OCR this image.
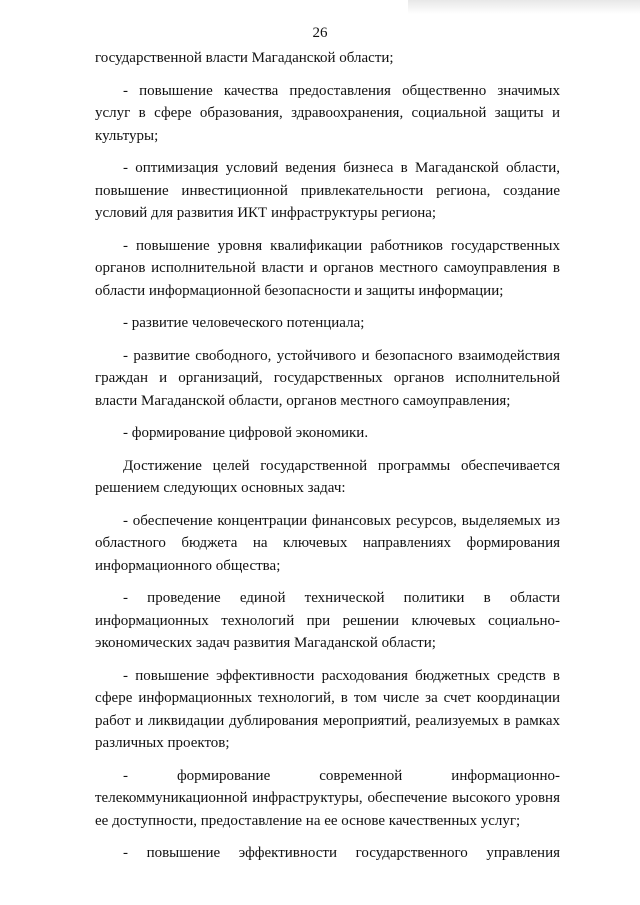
26

государственной власти Магаданской области;

- повышение качества предоставления общественно значимых услуг в сфере образования, здравоохранения, социальной защиты и культуры;

- оптимизация условий ведения бизнеса в Магаданской области, повышение инвестиционной привлекательности региона, создание условий для развития ИКТ инфраструктуры региона;

- повышение уровня квалификации работников государственных органов исполнительной власти и органов местного самоуправления в области информационной безопасности и защиты информации;

- развитие человеческого потенциала;

- развитие свободного, устойчивого и безопасного взаимодействия граждан и организаций, государственных органов исполнительной власти Магаданской области, органов местного самоуправления;

- формирование цифровой экономики.

Достижение целей государственной программы обеспечивается решением следующих основных задач:

- обеспечение концентрации финансовых ресурсов, выделяемых из областного бюджета на ключевых направлениях формирования информационного общества;

- проведение единой технической политики в области информационных технологий при решении ключевых социально-экономических задач развития Магаданской области;

- повышение эффективности расходования бюджетных средств в сфере информационных технологий, в том числе за счет координации работ и ликвидации дублирования мероприятий, реализуемых в рамках различных проектов;

- формирование современной информационно-телекоммуникационной инфраструктуры, обеспечение высокого уровня ее доступности, предоставление на ее основе качественных услуг;

- повышение эффективности государственного управления
